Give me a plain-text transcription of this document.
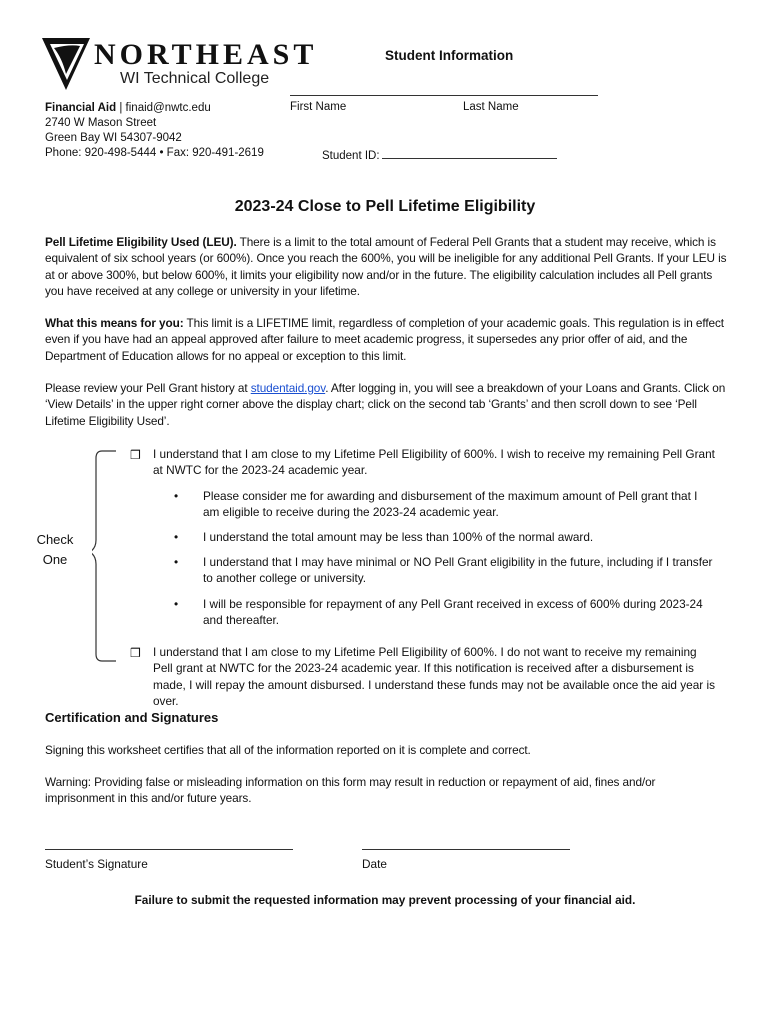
NORTHEAST
WI Technical College
Financial Aid | finaid@nwtc.edu
2740 W Mason Street
Green Bay WI 54307-9042
Phone: 920-498-5444 • Fax: 920-491-2619
Student Information
First Name	Last Name
Student ID:
2023-24 Close to Pell Lifetime Eligibility
Pell Lifetime Eligibility Used (LEU). There is a limit to the total amount of Federal Pell Grants that a student may receive, which is equivalent of six school years (or 600%). Once you reach the 600%, you will be ineligible for any additional Pell Grants. If your LEU is at or above 300%, but below 600%, it limits your eligibility now and/or in the future. The eligibility calculation includes all Pell grants you have received at any college or university in your lifetime.
What this means for you: This limit is a LIFETIME limit, regardless of completion of your academic goals. This regulation is in effect even if you have had an appeal approved after failure to meet academic progress, it supersedes any prior offer of aid, and the Department of Education allows for no appeal or exception to this limit.
Please review your Pell Grant history at studentaid.gov. After logging in, you will see a breakdown of your Loans and Grants. Click on ‘View Details’ in the upper right corner above the display chart; click on the second tab ‘Grants’ and then scroll down to see ‘Pell Lifetime Eligibility Used’.
Check
One
❒ I understand that I am close to my Lifetime Pell Eligibility of 600%. I wish to receive my remaining Pell Grant at NWTC for the 2023-24 academic year.
• Please consider me for awarding and disbursement of the maximum amount of Pell grant that I am eligible to receive during the 2023-24 academic year.
• I understand the total amount may be less than 100% of the normal award.
• I understand that I may have minimal or NO Pell Grant eligibility in the future, including if I transfer to another college or university.
• I will be responsible for repayment of any Pell Grant received in excess of 600% during 2023-24 and thereafter.
❒ I understand that I am close to my Lifetime Pell Eligibility of 600%. I do not want to receive my remaining Pell grant at NWTC for the 2023-24 academic year. If this notification is received after a disbursement is made, I will repay the amount disbursed. I understand these funds may not be available once the aid year is over.
Certification and Signatures
Signing this worksheet certifies that all of the information reported on it is complete and correct.
Warning: Providing false or misleading information on this form may result in reduction or repayment of aid, fines and/or imprisonment in this and/or future years.
Student’s Signature	Date
Failure to submit the requested information may prevent processing of your financial aid.
